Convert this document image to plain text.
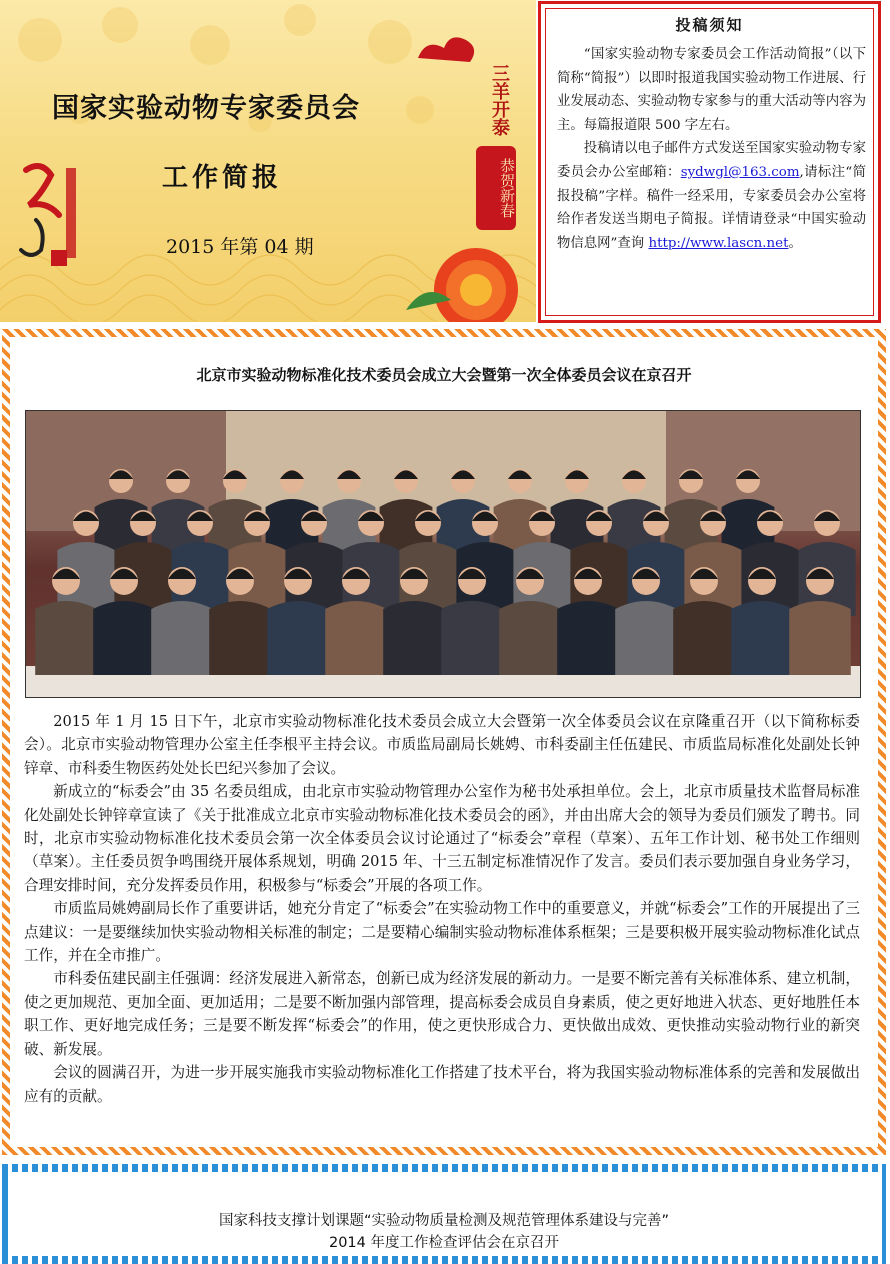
国家实验动物专家委员会
工作简报
2015 年第 04 期
三羊开泰
恭贺新春
投稿须知

“国家实验动物专家委员会工作活动简报”（以下简称“简报”）以即时报道我国实验动物工作进展、行业发展动态、实验动物专家参与的重大活动等内容为主。每篇报道限 500 字左右。

投稿请以电子邮件方式发送至国家实验动物专家委员会办公室邮箱：sydwgl@163.com,请标注“简报投稿”字样。稿件一经采用，专家委员会办公室将给作者发送当期电子简报。详情请登录“中国实验动物信息网”查询 http://www.lascn.net。

北京市实验动物标准化技术委员会成立大会暨第一次全体委员会议在京召开

2015 年 1 月 15 日下午，北京市实验动物标准化技术委员会成立大会暨第一次全体委员会议在京隆重召开（以下简称标委会）。北京市实验动物管理办公室主任李根平主持会议。市质监局副局长姚娉、市科委副主任伍建民、市质监局标准化处副处长钟锌章、市科委生物医药处处长巴纪兴参加了会议。

新成立的“标委会”由 35 名委员组成，由北京市实验动物管理办公室作为秘书处承担单位。会上，北京市质量技术监督局标准化处副处长钟锌章宣读了《关于批准成立北京市实验动物标准化技术委员会的函》，并由出席大会的领导为委员们颁发了聘书。同时，北京市实验动物标准化技术委员会第一次全体委员会议讨论通过了“标委会”章程（草案）、五年工作计划、秘书处工作细则（草案）。主任委员贺争鸣围绕开展体系规划，明确 2015 年、十三五制定标准情况作了发言。委员们表示要加强自身业务学习，合理安排时间，充分发挥委员作用，积极参与“标委会”开展的各项工作。

市质监局姚娉副局长作了重要讲话，她充分肯定了“标委会”在实验动物工作中的重要意义，并就“标委会”工作的开展提出了三点建议：一是要继续加快实验动物相关标准的制定；二是要精心编制实验动物标准体系框架；三是要积极开展实验动物标准化试点工作，并在全市推广。

市科委伍建民副主任强调：经济发展进入新常态，创新已成为经济发展的新动力。一是要不断完善有关标准体系、建立机制，使之更加规范、更加全面、更加适用；二是要不断加强内部管理，提高标委会成员自身素质，使之更好地进入状态、更好地胜任本职工作、更好地完成任务；三是要不断发挥“标委会”的作用，使之更快形成合力、更快做出成效、更快推动实验动物行业的新突破、新发展。

会议的圆满召开，为进一步开展实施我市实验动物标准化工作搭建了技术平台，将为我国实验动物标准体系的完善和发展做出应有的贡献。

国家科技支撑计划课题“实验动物质量检测及规范管理体系建设与完善”

2014 年度工作检查评估会在京召开
